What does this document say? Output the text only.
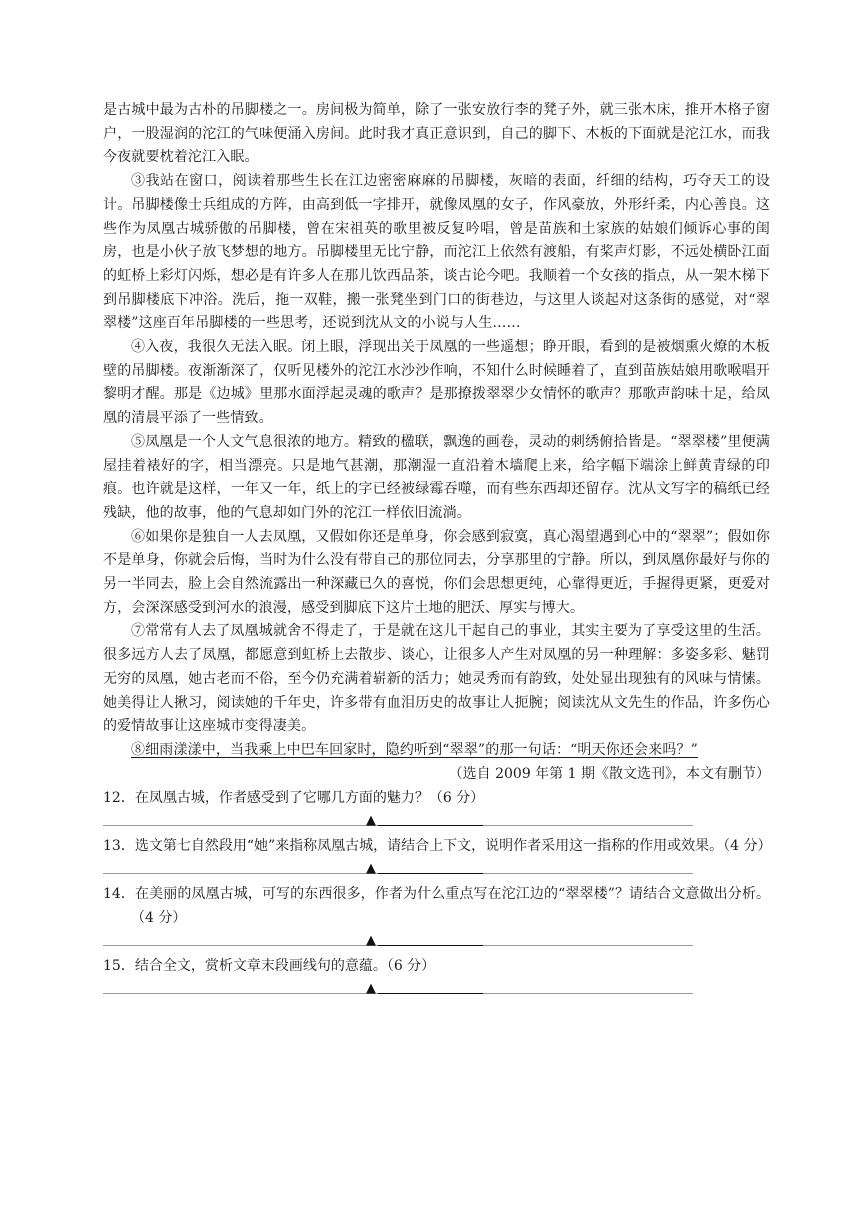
是古城中最为古朴的吊脚楼之一。房间极为简单，除了一张安放行李的凳子外，就三张木床，推开木格子窗户，一股湿润的沱江的气味便涌入房间。此时我才真正意识到，自己的脚下、木板的下面就是沱江水，而我今夜就要枕着沱江入眠。

③我站在窗口，阅读着那些生长在江边密密麻麻的吊脚楼，灰暗的表面，纤细的结构，巧夺天工的设计。吊脚楼像士兵组成的方阵，由高到低一字排开，就像凤凰的女子，作风豪放，外形纤柔，内心善良。这些作为凤凰古城骄傲的吊脚楼，曾在宋祖英的歌里被反复吟唱，曾是苗族和土家族的姑娘们倾诉心事的闺房，也是小伙子放飞梦想的地方。吊脚楼里无比宁静，而沱江上依然有渡船，有桨声灯影，不远处横卧江面的虹桥上彩灯闪烁，想必是有许多人在那儿饮西品茶，谈古论今吧。我顺着一个女孩的指点，从一架木梯下到吊脚楼底下冲浴。洗后，拖一双鞋，搬一张凳坐到门口的街巷边，与这里人谈起对这条街的感觉，对“翠翠楼”这座百年吊脚楼的一些思考，还说到沈从文的小说与人生……

④入夜，我很久无法入眠。闭上眼，浮现出关于凤凰的一些遥想；睁开眼，看到的是被烟熏火燎的木板壁的吊脚楼。夜渐渐深了，仅听见楼外的沱江水沙沙作响，不知什么时候睡着了，直到苗族姑娘用歌喉唱开黎明才醒。那是《边城》里那水面浮起灵魂的歌声？是那撩拨翠翠少女情怀的歌声？那歌声韵味十足，给凤凰的清晨平添了一些情致。

⑤凤凰是一个人文气息很浓的地方。精致的楹联，飘逸的画卷，灵动的刺绣俯拾皆是。“翠翠楼”里便满屋挂着裱好的字，相当漂亮。只是地气甚潮，那潮湿一直沿着木墙爬上来，给字幅下端涂上鲜黄青绿的印痕。也许就是这样，一年又一年，纸上的字已经被绿霉吞噬，而有些东西却还留存。沈从文写字的稿纸已经残缺，他的故事，他的气息却如门外的沱江一样依旧流淌。

⑥如果你是独自一人去凤凰，又假如你还是单身，你会感到寂寞，真心渴望遇到心中的“翠翠”；假如你不是单身，你就会后悔，当时为什么没有带自己的那位同去，分享那里的宁静。所以，到凤凰你最好与你的另一半同去，脸上会自然流露出一种深藏已久的喜悦，你们会思想更纯，心靠得更近，手握得更紧，更爱对方，会深深感受到河水的浪漫，感受到脚底下这片土地的肥沃、厚实与博大。

⑦常常有人去了凤凰城就舍不得走了，于是就在这儿干起自己的事业，其实主要为了享受这里的生活。很多远方人去了凤凰，都愿意到虹桥上去散步、谈心，让很多人产生对凤凰的另一种理解：多姿多彩、魅罚无穷的凤凰，她古老而不俗，至今仍充满着崭新的活力；她灵秀而有韵致，处处显出现独有的风味与情愫。她美得让人揪习，阅读她的千年史，许多带有血泪历史的故事让人扼腕；阅读沈从文先生的作品，许多伤心的爱情故事让这座城市变得凄美。

⑧细雨漾漾中，当我乘上中巴车回家时，隐约听到“翠翠”的那一句话：“明天你还会来吗？”

（选自 2009 年第 1 期《散文选刊》，本文有删节）

12．在凤凰古城，作者感受到了它哪几方面的魅力？（6 分）

▲

13．选文第七自然段用“她”来指称凤凰古城，请结合上下文，说明作者采用这一指称的作用或效果。（4 分）

▲

14．在美丽的凤凰古城，可写的东西很多，作者为什么重点写在沱江边的“翠翠楼”？请结合文意做出分析。（4 分）

▲

15．结合全文，赏析文章末段画线句的意蕴。（6 分）

▲
